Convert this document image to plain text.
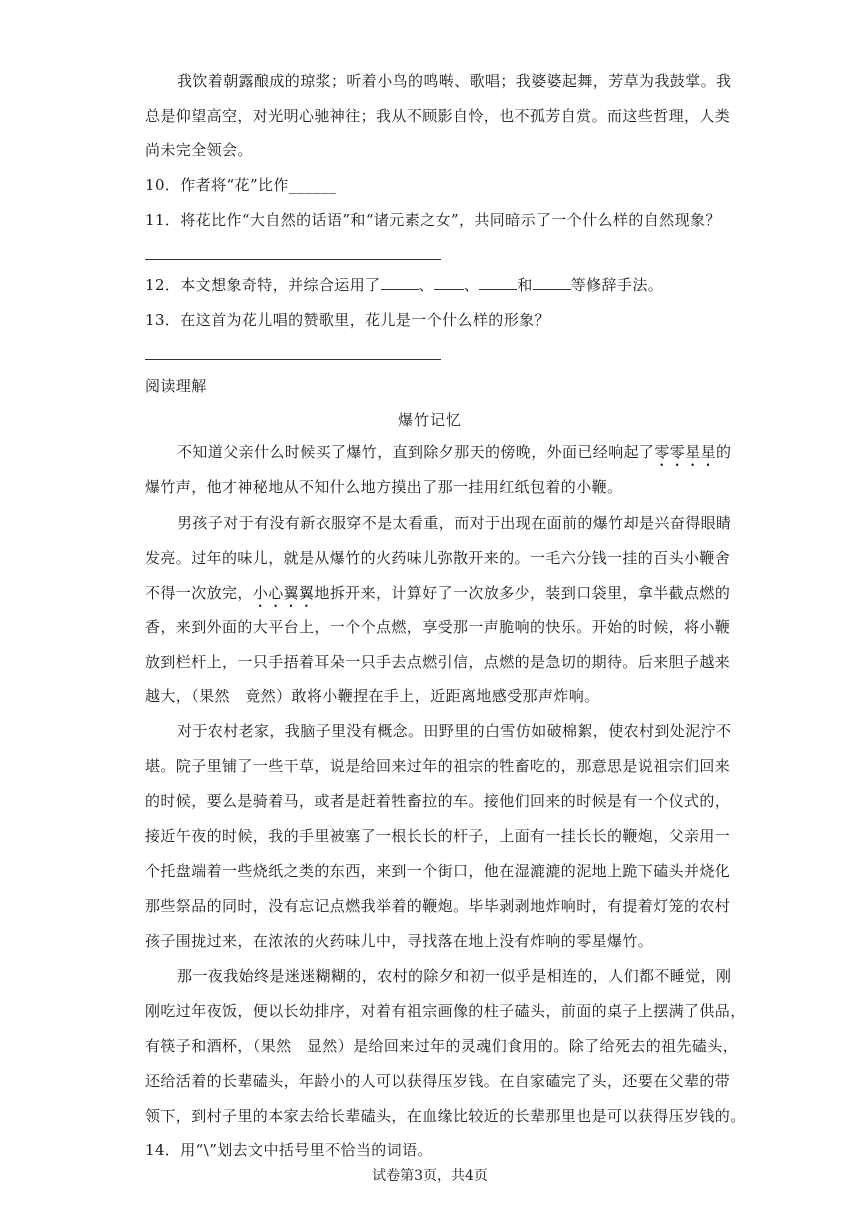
我饮着朝露酿成的琼浆；听着小鸟的鸣啭、歌唱；我婆婆起舞，芳草为我鼓掌。我
总是仰望高空，对光明心驰神往；我从不顾影自怜，也不孤芳自赏。而这些哲理，人类
尚未完全领会。
10．作者将“花”比作______
11．将花比作“大自然的话语”和“诸元素之女”，共同暗示了一个什么样的自然现象？
12．本文想象奇特，并综合运用了	、 、	和	等修辞手法。
13．在这首为花儿唱的赞歌里，花儿是一个什么样的形象？
阅读理解
爆竹记忆
不知道父亲什么时候买了爆竹，直到除夕那天的傍晚，外面已经响起了零零星星的
爆竹声，他才神秘地从不知什么地方摸出了那一挂用红纸包着的小鞭。
男孩子对于有没有新衣服穿不是太看重，而对于出现在面前的爆竹却是兴奋得眼睛
发亮。过年的味儿，就是从爆竹的火药味儿弥散开来的。一毛六分钱一挂的百头小鞭舍
不得一次放完，小心翼翼地拆开来，计算好了一次放多少，装到口袋里，拿半截点燃的
香，来到外面的大平台上，一个个点燃，享受那一声脆响的快乐。开始的时候，将小鞭
放到栏杆上，一只手捂着耳朵一只手去点燃引信，点燃的是急切的期待。后来胆子越来
越大，（果然　竟然）敢将小鞭捏在手上，近距离地感受那声炸响。
对于农村老家，我脑子里没有概念。田野里的白雪仿如破棉絮，使农村到处泥泞不
堪。院子里铺了一些干草，说是给回来过年的祖宗的牲畜吃的，那意思是说祖宗们回来
的时候，要么是骑着马，或者是赶着牲畜拉的车。接他们回来的时候是有一个仪式的，
接近午夜的时候，我的手里被塞了一根长长的杆子，上面有一挂长长的鞭炮，父亲用一
个托盘端着一些烧纸之类的东西，来到一个街口，他在湿漉漉的泥地上跪下磕头并烧化
那些祭品的同时，没有忘记点燃我举着的鞭炮。毕毕剥剥地炸响时，有提着灯笼的农村
孩子围拢过来，在浓浓的火药味儿中，寻找落在地上没有炸响的零星爆竹。
那一夜我始终是迷迷糊糊的，农村的除夕和初一似乎是相连的，人们都不睡觉，刚
刚吃过年夜饭，便以长幼排序，对着有祖宗画像的柱子磕头，前面的桌子上摆满了供品，
有筷子和酒杯，（果然　显然）是给回来过年的灵魂们食用的。除了给死去的祖先磕头，
还给活着的长辈磕头，年龄小的人可以获得压岁钱。在自家磕完了头，还要在父辈的带
领下，到村子里的本家去给长辈磕头，在血缘比较近的长辈那里也是可以获得压岁钱的。
14．用“\”划去文中括号里不恰当的词语。
试卷第3页，共4页
